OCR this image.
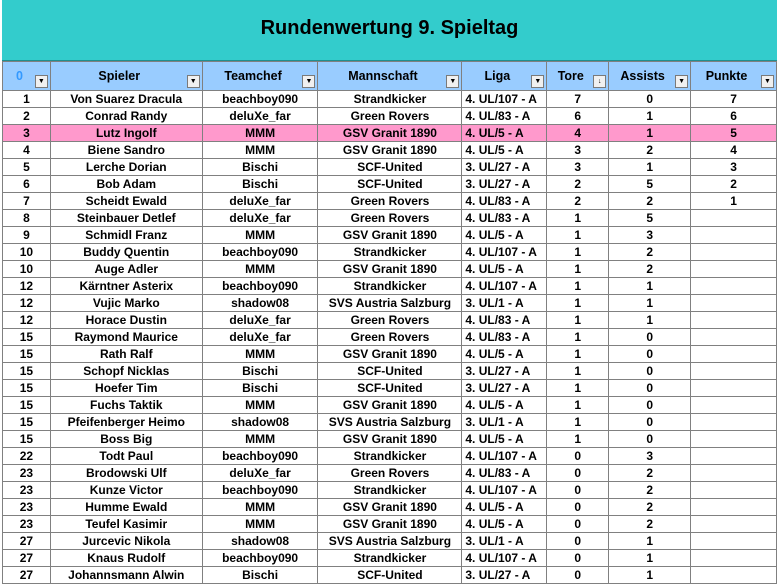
Rundenwertung 9. Spieltag
0 ▼	Spieler ▼	Teamchef ▼	Mannschaft ▼	Liga ▼	Tore ↓	Assists ▼	Punkte ▼

1	Von Suarez Dracula	beachboy090	Strandkicker	4. UL/107 - A	7	0	7
2	Conrad Randy	deluXe_far	Green Rovers	4. UL/83 - A	6	1	6
3	Lutz Ingolf	MMM	GSV Granit 1890	4. UL/5 - A	4	1	5
4	Biene Sandro	MMM	GSV Granit 1890	4. UL/5 - A	3	2	4
5	Lerche Dorian	Bischi	SCF-United	3. UL/27 - A	3	1	3
6	Bob Adam	Bischi	SCF-United	3. UL/27 - A	2	5	2
7	Scheidt Ewald	deluXe_far	Green Rovers	4. UL/83 - A	2	2	1
8	Steinbauer Detlef	deluXe_far	Green Rovers	4. UL/83 - A	1	5	
9	Schmidl Franz	MMM	GSV Granit 1890	4. UL/5 - A	1	3	
10	Buddy Quentin	beachboy090	Strandkicker	4. UL/107 - A	1	2	
10	Auge Adler	MMM	GSV Granit 1890	4. UL/5 - A	1	2	
12	Kärntner Asterix	beachboy090	Strandkicker	4. UL/107 - A	1	1	
12	Vujic Marko	shadow08	SVS Austria Salzburg	3. UL/1 - A	1	1	
12	Horace Dustin	deluXe_far	Green Rovers	4. UL/83 - A	1	1	
15	Raymond Maurice	deluXe_far	Green Rovers	4. UL/83 - A	1	0	
15	Rath Ralf	MMM	GSV Granit 1890	4. UL/5 - A	1	0	
15	Schopf Nicklas	Bischi	SCF-United	3. UL/27 - A	1	0	
15	Hoefer Tim	Bischi	SCF-United	3. UL/27 - A	1	0	
15	Fuchs Taktik	MMM	GSV Granit 1890	4. UL/5 - A	1	0	
15	Pfeifenberger Heimo	shadow08	SVS Austria Salzburg	3. UL/1 - A	1	0	
15	Boss Big	MMM	GSV Granit 1890	4. UL/5 - A	1	0	
22	Todt Paul	beachboy090	Strandkicker	4. UL/107 - A	0	3	
23	Brodowski Ulf	deluXe_far	Green Rovers	4. UL/83 - A	0	2	
23	Kunze Victor	beachboy090	Strandkicker	4. UL/107 - A	0	2	
23	Humme Ewald	MMM	GSV Granit 1890	4. UL/5 - A	0	2	
23	Teufel Kasimir	MMM	GSV Granit 1890	4. UL/5 - A	0	2	
27	Jurcevic Nikola	shadow08	SVS Austria Salzburg	3. UL/1 - A	0	1	
27	Knaus Rudolf	beachboy090	Strandkicker	4. UL/107 - A	0	1	
27	Johannsmann Alwin	Bischi	SCF-United	3. UL/27 - A	0	1	
